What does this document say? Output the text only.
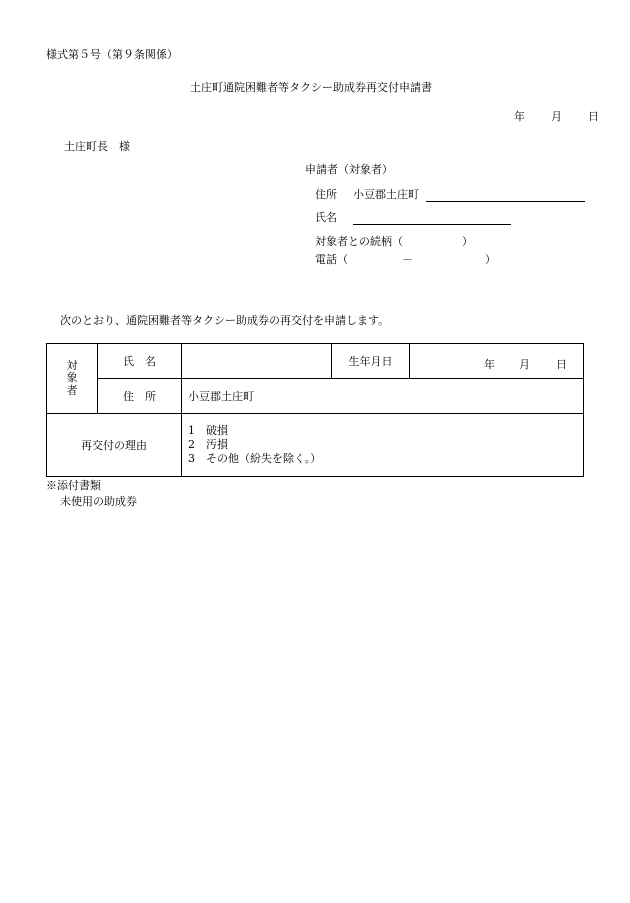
様式第５号（第９条関係）
土庄町通院困難者等タクシー助成券再交付申請書
年 月 日
土庄町長　様
申請者（対象者）
住所 小豆郡土庄町
氏名
対象者との続柄（	）
電話（	－	）
次のとおり、通院困難者等タクシー助成券の再交付を申請します。
対
象
者	氏　名		生年月日	年 月 日

	住　所	小豆郡土庄町		
再交付の理由		1　破損
2　汚損
3　その他（紛失を除く。）		
※添付書類
未使用の助成券
